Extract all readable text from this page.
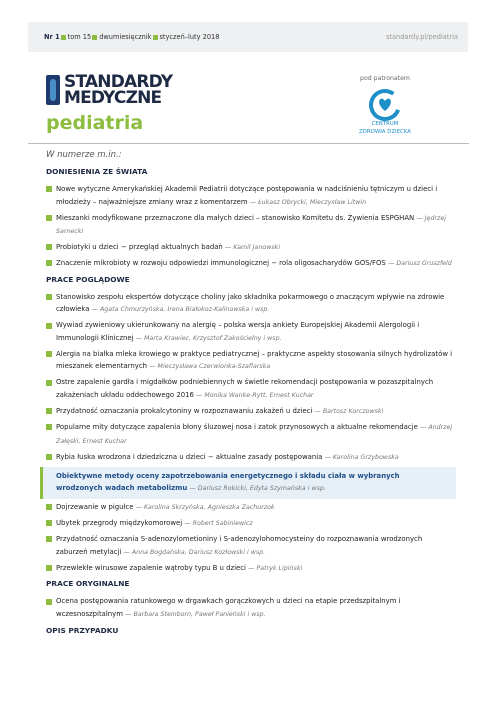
Nr 1 tom 15 dwumiesięcznik styczeń–luty 2018	standardy.pl/pediatria
STANDARDY
MEDYCZNE
pediatria
pod patronatem
CENTRUM
ZDROWIA DZIECKA
W numerze m.in.:
DONIESIENIA ZE ŚWIATA
Nowe wytyczne Amerykańskiej Akademii Pediatrii dotyczące postępowania w nadciśnieniu tętniczym u dzieci i młodzieży – najważniejsze zmiany wraz z komentarzem — Łukasz Obrycki, Mieczysław Litwin
Mieszanki modyfikowane przeznaczone dla małych dzieci – stanowisko Komitetu ds. Żywienia ESPGHAN — Jędrzej Sarnecki
Probiotyki u dzieci − przegląd aktualnych badań — Kamil Janowski
Znaczenie mikrobioty w rozwoju odpowiedzi immunologicznej − rola oligosacharydów GOS/FOS — Dariusz Gruszfeld
PRACE POGLĄDOWE
Stanowisko zespołu ekspertów dotyczące choliny jako składnika pokarmowego o znaczącym wpływie na zdrowie człowieka — Agata Chmurzyńska, Irena Białokoz-Kalinowska i wsp.
Wywiad zywieniowy ukierunkowany na alergię – polska wersja ankiety Europejskiej Akademii Alergologii i Immunologii Klinicznej — Marta Krawiec, Krzysztof Zakościelny i wsp.
Alergia na białka mleka krowiego w praktyce pediatrycznej – praktyczne aspekty stosowania silnych hydrolizatów i mieszanek elementarnych — Mieczysława Czerwionka-Szaflarska
Ostre zapalenie gardła i migdałków podniebiennych w świetle rekomendacji postępowania w pozaszpitalnych zakażeniach układu oddechowego 2016 — Monika Wanke-Rytt, Ernest Kuchar
Przydatność oznaczania prokalcytoniny w rozpoznawaniu zakażeń u dzieci — Bartosz Korczowski
Popularne mity dotyczące zapalenia błony śluzowej nosa i zatok przynosowych a aktualne rekomendacje — Andrzej Załęski, Ernest Kuchar
Rybia łuska wrodzona i dziedziczna u dzieci − aktualne zasady postępowania — Karolina Grzybowska
Obiektywne metody oceny zapotrzebowania energetycznego i składu ciała w wybranych wrodzonych wadach metabolizmu — Dariusz Rokicki, Edyta Szymańska i wsp.
Dojrzewanie w pigułce — Karolina Skrzyńska, Agnieszka Zachurzok
Ubytek przegrody międzykomorowej — Robert Sabiniewicz
Przydatność oznaczania S-adenozylometioniny i S-adenozylohomocysteiny do rozpoznawania wrodzonych zaburzeń metylacji — Anna Bogdańska, Dariusz Kozłowski i wsp.
Przewlekłe wirusowe zapalenie wątroby typu B u dzieci — Patryk Lipiński
PRACE ORYGINALNE
Ocena postępowania ratunkowego w drgawkach gorączkowych u dzieci na etapie przedszpitalnym i wczesnoszpitalnym — Barbara Steinborn, Paweł Panieński i wsp.
OPIS PRZYPADKU
